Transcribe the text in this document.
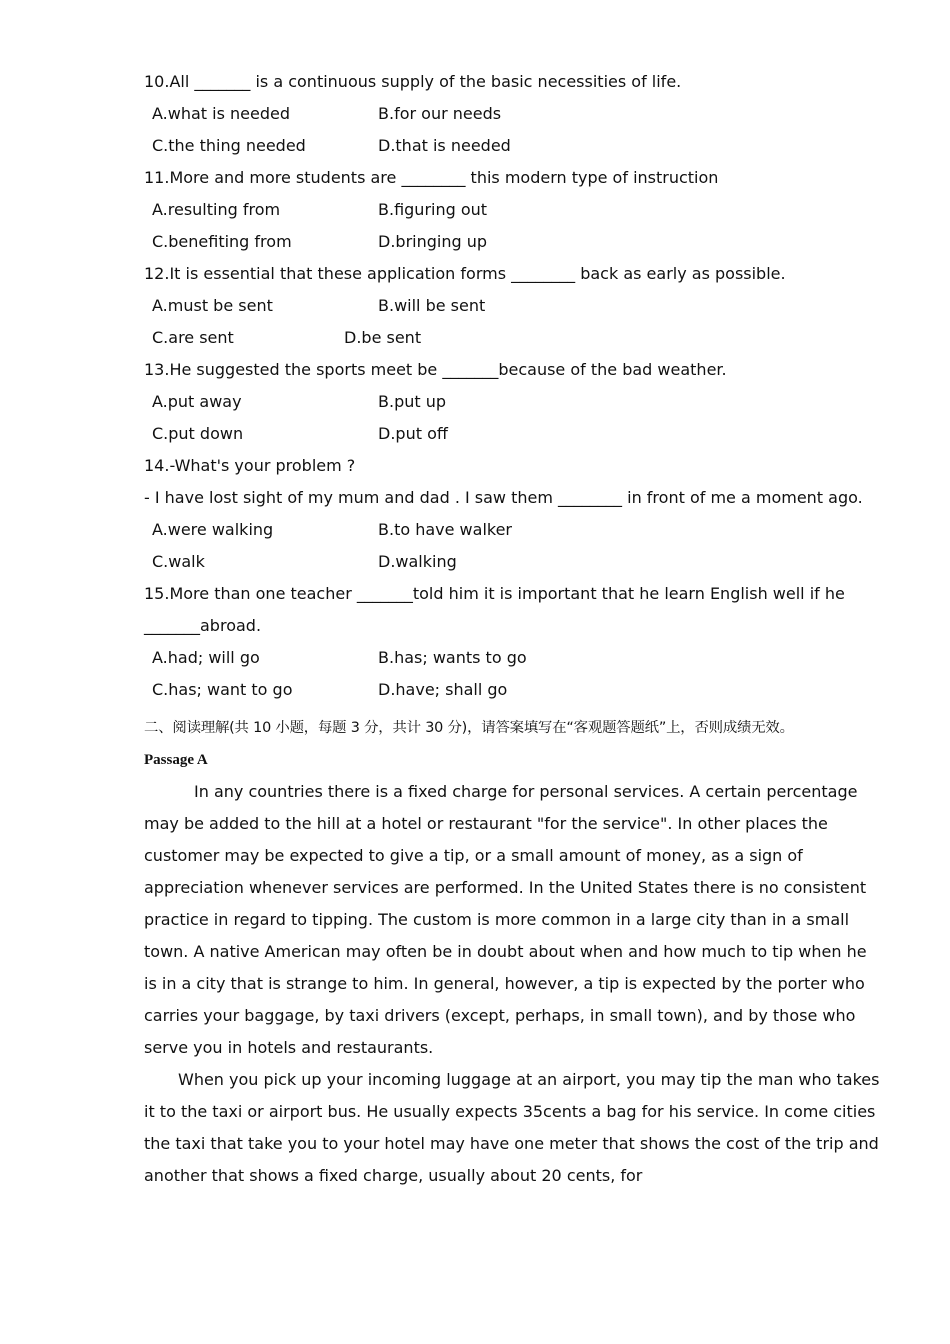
10.All _______ is a continuous supply of the basic necessities of life.
A.what is needed	B.for our needs
C.the thing needed	D.that is needed
11.More and more students are ________ this modern type of instruction
A.resulting from	B.figuring out
C.benefiting from	D.bringing up
12.It is essential that these application forms ________ back as early as possible.
A.must be sent	B.will be sent
C.are sent	D.be sent
13.He suggested the sports meet be _______because of the bad weather.
A.put away	B.put up
C.put down	D.put off
14.-What's your problem ?
- I have lost sight of my mum and dad . I saw them ________ in front of me a moment ago.
A.were walking	B.to have walker
C.walk	D.walking
15.More than one teacher _______told him it is important that he learn English well if he _______abroad.
A.had; will go	B.has; wants to go
C.has; want to go	D.have; shall go
二、阅读理解(共 10 小题，每题 3 分，共计 30 分)，请答案填写在“客观题答题纸”上，否则成绩无效。
Passage A
In any countries there is a fixed charge for personal services. A certain percentage may be added to the hill at a hotel or restaurant "for the service". In other places the customer may be expected to give a tip, or a small amount of money, as a sign of appreciation whenever services are performed. In the United States there is no consistent practice in regard to tipping. The custom is more common in a large city than in a small town. A native American may often be in doubt about when and how much to tip when he is in a city that is strange to him. In general, however, a tip is expected by the porter who carries your baggage, by taxi drivers (except, perhaps, in small town), and by those who serve you in hotels and restaurants.
When you pick up your incoming luggage at an airport, you may tip the man who takes it to the taxi or airport bus. He usually expects 35cents a bag for his service. In come cities the taxi that take you to your hotel may have one meter that shows the cost of the trip and another that shows a fixed charge, usually about 20 cents, for
